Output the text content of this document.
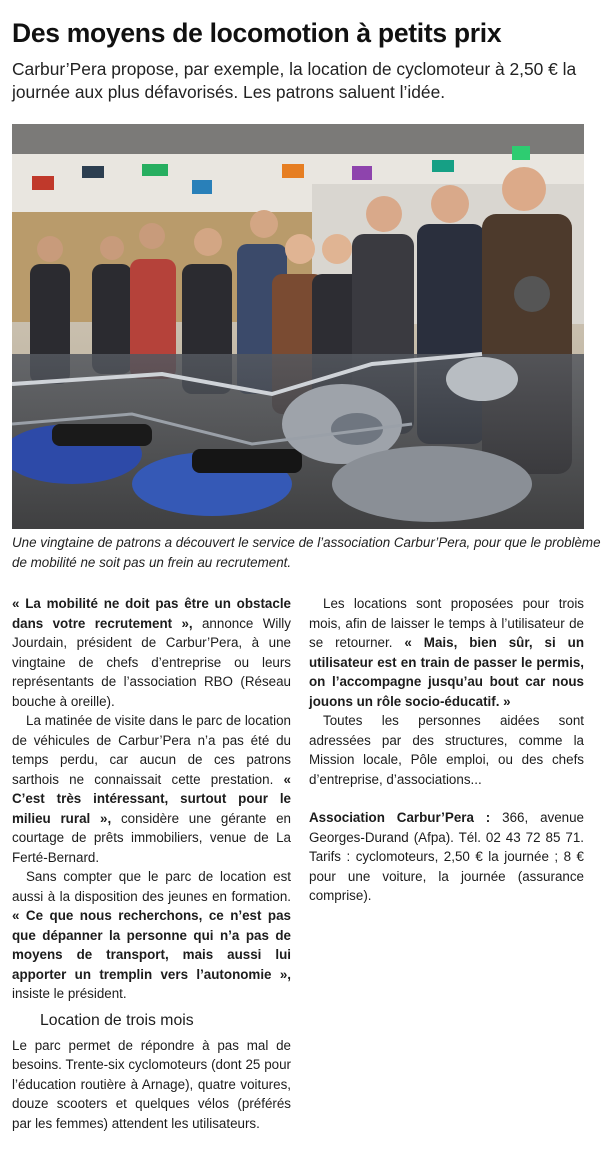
Des moyens de locomotion à petits prix

Carbur’Pera propose, par exemple, la location de cyclomoteur à 2,50 € la journée aux plus défavorisés. Les patrons saluent l’idée.

Une vingtaine de patrons a découvert le service de l’association Carbur’Pera, pour que le problème de mobilité ne soit pas un frein au recrutement.

« La mobilité ne doit pas être un obstacle dans votre recrutement », annonce Willy Jourdain, président de Carbur’Pera, à une vingtaine de chefs d’entreprise ou leurs représentants de l’association RBO (Réseau bouche à oreille).

La matinée de visite dans le parc de location de véhicules de Carbur’Pera n’a pas été du temps perdu, car aucun de ces patrons sarthois ne connaissait cette prestation. « C’est très intéressant, surtout pour le milieu rural », considère une gérante en courtage de prêts immobiliers, venue de La Ferté-Bernard.

Sans compter que le parc de location est aussi à la disposition des jeunes en formation. « Ce que nous recherchons, ce n’est pas que dépanner la personne qui n’a pas de moyens de transport, mais aussi lui apporter un tremplin vers l’autonomie », insiste le président.

Location de trois mois

Le parc permet de répondre à pas mal de besoins. Trente-six cyclomoteurs (dont 25 pour l’éducation routière à Arnage), quatre voitures, douze scooters et quelques vélos (préférés par les femmes) attendent les utilisateurs.

Les locations sont proposées pour trois mois, afin de laisser le temps à l’utilisateur de se retourner. « Mais, bien sûr, si un utilisateur est en train de passer le permis, on l’accompagne jusqu’au bout car nous jouons un rôle socio-éducatif. »

Toutes les personnes aidées sont adressées par des structures, comme la Mission locale, Pôle emploi, ou des chefs d’entreprise, d’associations...

Association Carbur’Pera : 366, avenue Georges-Durand (Afpa). Tél. 02 43 72 85 71. Tarifs : cyclomoteurs, 2,50 € la journée ; 8 € pour une voiture, la journée (assurance comprise).
